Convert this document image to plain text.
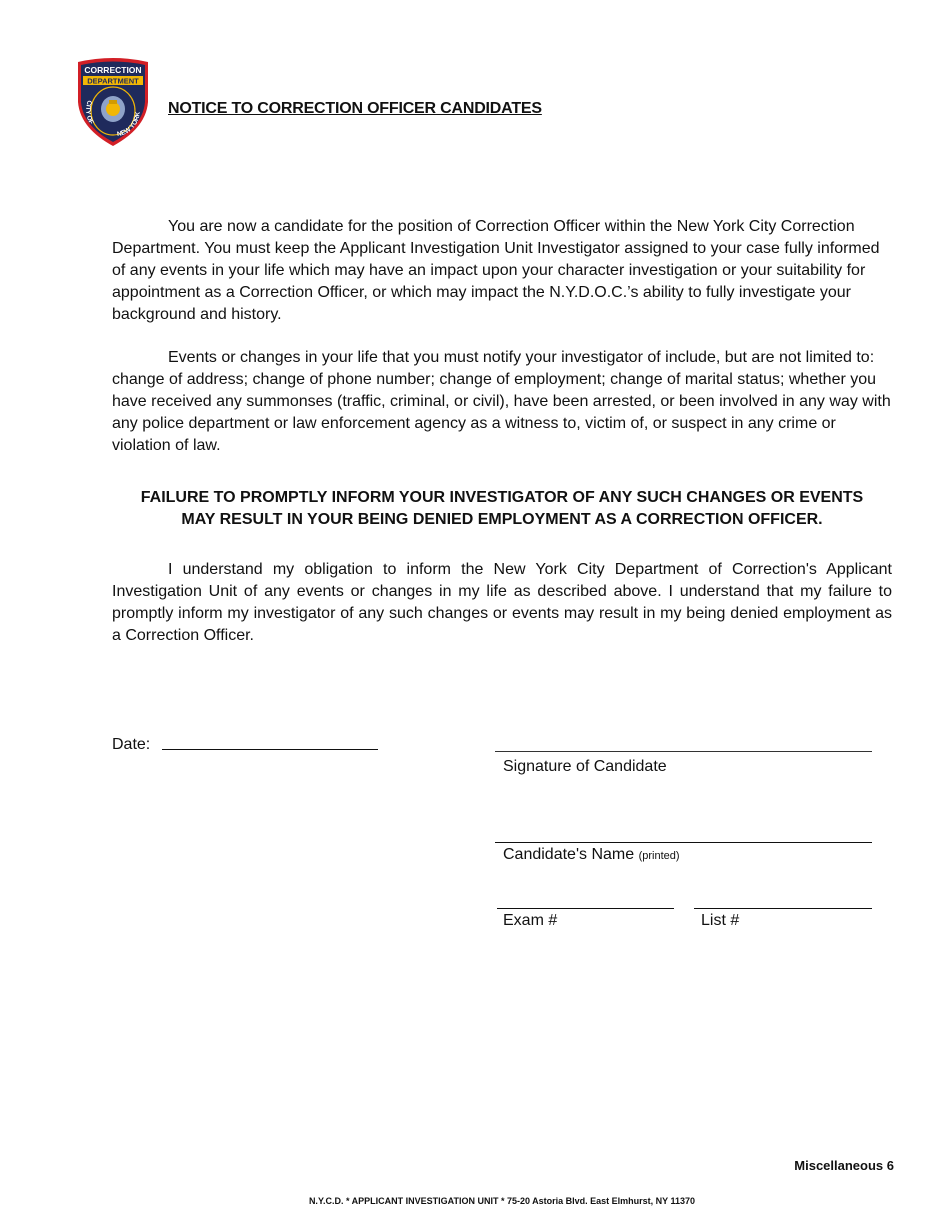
CORRECTION
DEPARTMENT
CITY OF
NEW YORK NOTICE TO CORRECTION OFFICER CANDIDATES

You are now a candidate for the position of Correction Officer within the New York City Correction Department. You must keep the Applicant Investigation Unit Investigator assigned to your case fully informed of any events in your life which may have an impact upon your character investigation or your suitability for appointment as a Correction Officer, or which may impact the N.Y.D.O.C.’s ability to fully investigate your background and history.

Events or changes in your life that you must notify your investigator of include, but are not limited to: change of address; change of phone number; change of employment; change of marital status; whether you have received any summonses (traffic, criminal, or civil), have been arrested, or been involved in any way with any police department or law enforcement agency as a witness to, victim of, or suspect in any crime or violation of law.

FAILURE TO PROMPTLY INFORM YOUR INVESTIGATOR OF ANY SUCH CHANGES OR EVENTS
MAY RESULT IN YOUR BEING DENIED EMPLOYMENT AS A CORRECTION OFFICER.

I understand my obligation to inform the New York City Department of Correction's Applicant Investigation Unit of any events or changes in my life as described above. I understand that my failure to promptly inform my investigator of any such changes or events may result in my being denied employment as a Correction Officer.

Date:
Signature of Candidate
Candidate's Name (printed)
Exam #	List #
Miscellaneous 6
N.Y.C.D. * APPLICANT INVESTIGATION UNIT * 75-20 Astoria Blvd. East Elmhurst, NY 11370
